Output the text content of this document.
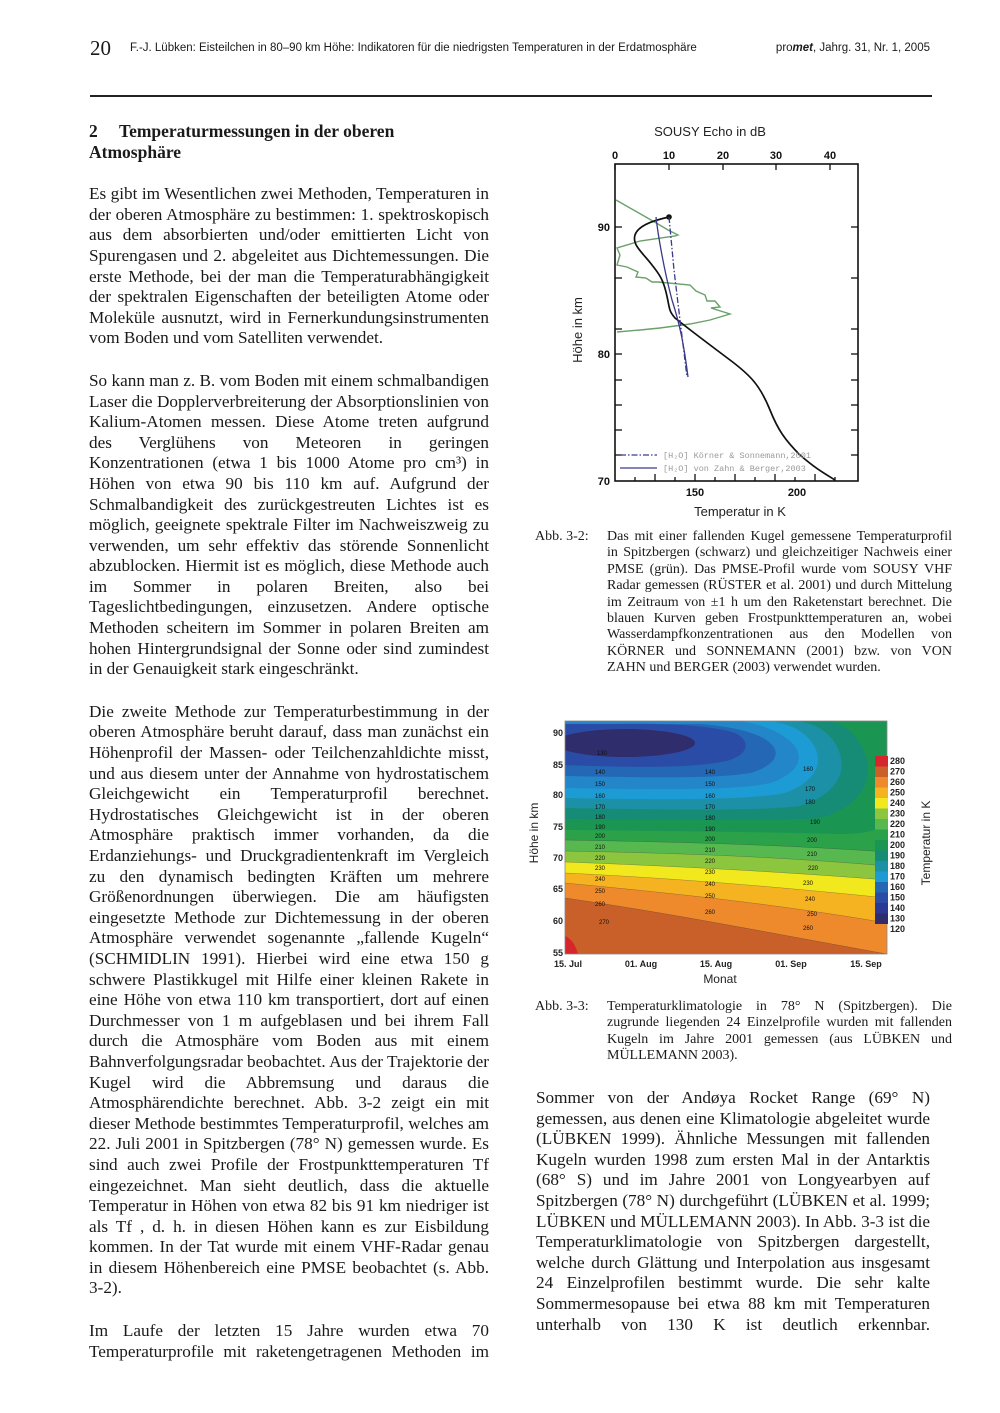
20 F.-J. Lübken: Eisteilchen in 80–90 km Höhe: Indikatoren für die niedrigsten Temperaturen in der Erdatmosphäre	promet, Jahrg. 31, Nr. 1, 2005
2 Temperaturmessungen in der oberen Atmosphäre

Es gibt im Wesentlichen zwei Methoden, Temperaturen in der oberen Atmosphäre zu bestimmen: 1. spektroskopisch aus dem absorbierten und/oder emittierten Licht von Spurengasen und 2. abgeleitet aus Dichtemessungen. Die erste Methode, bei der man die Temperaturabhängigkeit der spektralen Eigenschaften der beteiligten Atome oder Moleküle ausnutzt, wird in Fernerkundungsinstrumenten vom Boden und vom Satelliten verwendet.

So kann man z. B. vom Boden mit einem schmalbandigen Laser die Dopplerverbreiterung der Absorptionslinien von Kalium-Atomen messen. Diese Atome treten aufgrund des Verglühens von Meteoren in geringen Konzentrationen (etwa 1 bis 1000 Atome pro cm³) in Höhen von etwa 90 bis 110 km auf. Aufgrund der Schmalbandigkeit des zurückgestreuten Lichtes ist es möglich, geeignete spektrale Filter im Nachweiszweig zu verwenden, um sehr effektiv das störende Sonnenlicht abzublocken. Hiermit ist es möglich, diese Methode auch im Sommer in polaren Breiten, also bei Tageslichtbedingungen, einzusetzen. Andere optische Methoden scheitern im Sommer in polaren Breiten am hohen Hintergrundsignal der Sonne oder sind zumindest in der Genauigkeit stark eingeschränkt.

Die zweite Methode zur Temperaturbestimmung in der oberen Atmosphäre beruht darauf, dass man zunächst ein Höhenprofil der Massen- oder Teilchenzahldichte misst, und aus diesem unter der Annahme von hydrostatischem Gleichgewicht ein Temperaturprofil berechnet. Hydrostatisches Gleichgewicht ist in der oberen Atmosphäre praktisch immer vorhanden, da die Erdanziehungs- und Druckgradientenkraft im Vergleich zu den dynamisch bedingten Kräften um mehrere Größenordnungen überwiegen. Die am häufigsten eingesetzte Methode zur Dichtemessung in der oberen Atmosphäre verwendet sogenannte „fallende Kugeln“ (SCHMIDLIN 1991). Hierbei wird eine etwa 150 g schwere Plastikkugel mit Hilfe einer kleinen Rakete in eine Höhe von etwa 110 km transportiert, dort auf einen Durchmesser von 1 m aufgeblasen und bei ihrem Fall durch die Atmosphäre vom Boden aus mit einem Bahnverfolgungsradar beobachtet. Aus der Trajektorie der Kugel wird die Abbremsung und daraus die Atmosphärendichte berechnet. Abb. 3-2 zeigt ein mit dieser Methode bestimmtes Temperaturprofil, welches am 22. Juli 2001 in Spitzbergen (78° N) gemessen wurde. Es sind auch zwei Profile der Frostpunkttemperaturen Tf eingezeichnet. Man sieht deutlich, dass die aktuelle Temperatur in Höhen von etwa 82 bis 91 km niedriger ist als Tf , d. h. in diesen Höhen kann es zur Eisbildung kommen. In der Tat wurde mit einem VHF-Radar genau in diesem Höhenbereich eine PMSE beobachtet (s. Abb. 3-2).

Im Laufe der letzten 15 Jahre wurden etwa 70 Temperaturprofile mit raketengetragenen Methoden im

SOUSY Echo in dB
0	10	20	30	40
90
80
70
Höhe in km
150	200
Temperatur in K
[H₂O] Körner & Sonnemann,2001
[H₂O] von Zahn & Berger,2003
Abb. 3-2: Das mit einer fallenden Kugel gemessene Temperaturprofil in Spitzbergen (schwarz) und gleichzeitiger Nachweis einer PMSE (grün). Das PMSE-Profil wurde vom SOUSY VHF Radar gemessen (RÜSTER et al. 2001) und durch Mittelung im Zeitraum von ±1 h um den Raketenstart berechnet. Die blauen Kurven geben Frostpunkttemperaturen an, wobei Wasserdampfkonzentrationen aus den Modellen von KÖRNER und SONNEMANN (2001) bzw. von VON ZAHN und BERGER (2003) verwendet wurden.
130
140
150
160
170
180
190
200
210
220
230
240
250
260
270
140
150
160
170
180
190
200
210
220
230
240
250
260
160
170
180
190
200
210
220
230
240
250
260
90
85
80
75
70
65
60
55
Höhe in km
15. Jul	01. Aug	15. Aug	01. Sep	15. Sep
Monat
280
270
260
250
240
230
220
210
200
190
180
170
160
150
140
130
120
Temperatur in K
Abb. 3-3: Temperaturklimatologie in 78° N (Spitzbergen). Die zugrunde liegenden 24 Einzelprofile wurden mit fallenden Kugeln im Jahre 2001 gemessen (aus LÜBKEN und MÜLLEMANN 2003).

Sommer von der Andøya Rocket Range (69° N) gemessen, aus denen eine Klimatologie abgeleitet wurde (LÜBKEN 1999). Ähnliche Messungen mit fallenden Kugeln wurden 1998 zum ersten Mal in der Antarktis (68° S) und im Jahre 2001 von Longyearbyen auf Spitzbergen (78° N) durchgeführt (LÜBKEN et al. 1999; LÜBKEN und MÜLLEMANN 2003). In Abb. 3-3 ist die Temperaturklimatologie von Spitzbergen dargestellt, welche durch Glättung und Interpolation aus insgesamt 24 Einzelprofilen bestimmt wurde. Die sehr kalte Sommermesopause bei etwa 88 km mit Temperaturen unterhalb von 130 K ist deutlich erkennbar.
